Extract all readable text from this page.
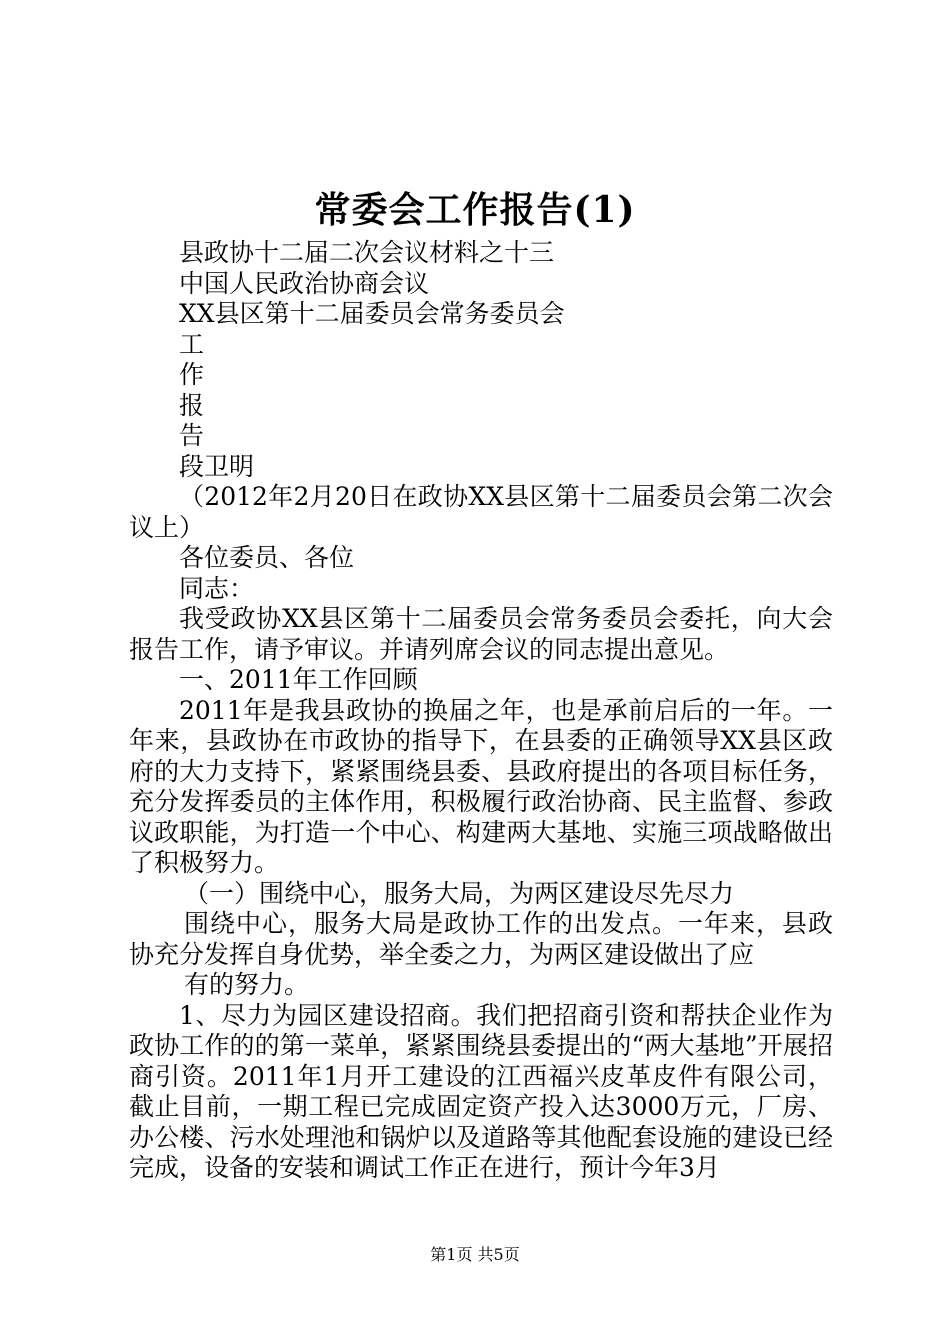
常委会工作报告(1)
县政协十二届二次会议材料之十三
中国人民政治协商会议
XX县区第十二届委员会常务委员会
工
作
报
告
段卫明
（2012年2月20日在政协XX县区第十二届委员会第二次会议上）
各位委员、各位
同志：
我受政协XX县区第十二届委员会常务委员会委托，向大会报告工作，请予审议。并请列席会议的同志提出意见。
一、2011年工作回顾
2011年是我县政协的换届之年，也是承前启后的一年。一年来，县政协在市政协的指导下，在县委的正确领导XX县区政府的大力支持下，紧紧围绕县委、县政府提出的各项目标任务，充分发挥委员的主体作用，积极履行政治协商、民主监督、参政议政职能，为打造一个中心、构建两大基地、实施三项战略做出了积极努力。
（一）围绕中心，服务大局，为两区建设尽先尽力
围绕中心，服务大局是政协工作的出发点。一年来，县政协充分发挥自身优势，举全委之力，为两区建设做出了应
有的努力。
1、尽力为园区建设招商。我们把招商引资和帮扶企业作为政协工作的的第一菜单，紧紧围绕县委提出的“两大基地”开展招商引资。2011年1月开工建设的江西福兴皮革皮件有限公司，截止目前，一期工程已完成固定资产投入达3000万元，厂房、办公楼、污水处理池和锅炉以及道路等其他配套设施的建设已经完成，设备的安装和调试工作正在进行，预计今年3月
第1页 共5页
